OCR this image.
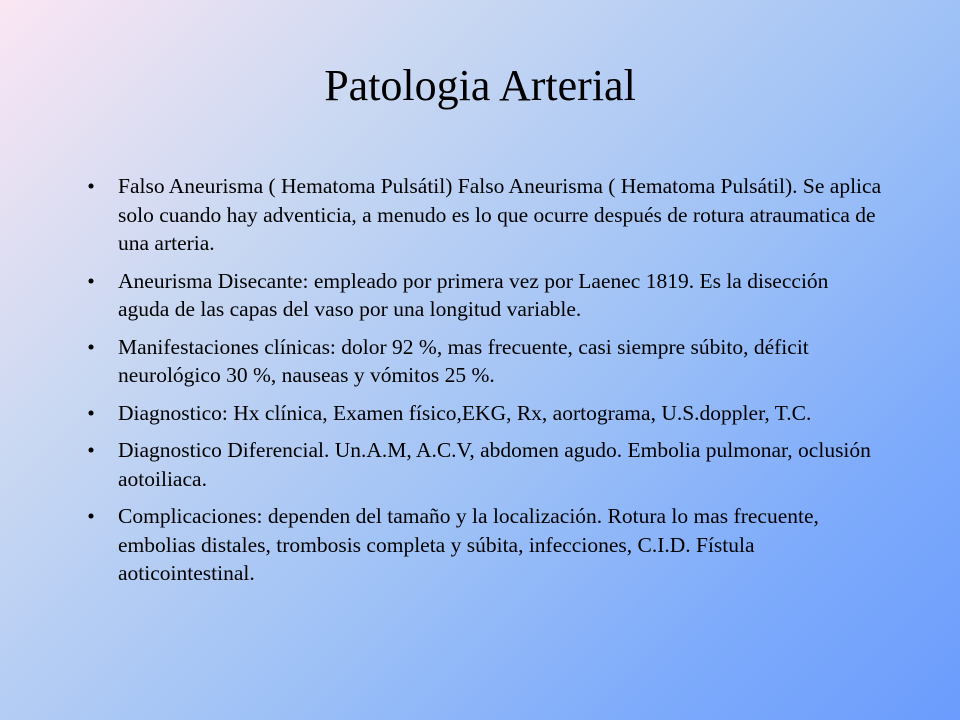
Patologia Arterial
• Falso Aneurisma ( Hematoma Pulsátil) Falso Aneurisma ( Hematoma Pulsátil). Se aplica solo cuando hay adventicia, a menudo es lo que ocurre después de rotura atraumatica de una arteria.
• Aneurisma Disecante: empleado por primera vez por Laenec 1819. Es la disección aguda de las capas del vaso por una longitud variable.
• Manifestaciones clínicas: dolor 92 %, mas frecuente, casi siempre súbito, déficit neurológico 30 %, nauseas y vómitos 25 %.
• Diagnostico: Hx clínica, Examen físico,EKG, Rx, aortograma, U.S.doppler, T.C.
• Diagnostico Diferencial. Un.A.M, A.C.V, abdomen agudo. Embolia pulmonar, oclusión aotoiliaca.
• Complicaciones: dependen del tamaño y la localización. Rotura lo mas frecuente, embolias distales, trombosis completa y súbita, infecciones, C.I.D. Fístula aoticointestinal.
